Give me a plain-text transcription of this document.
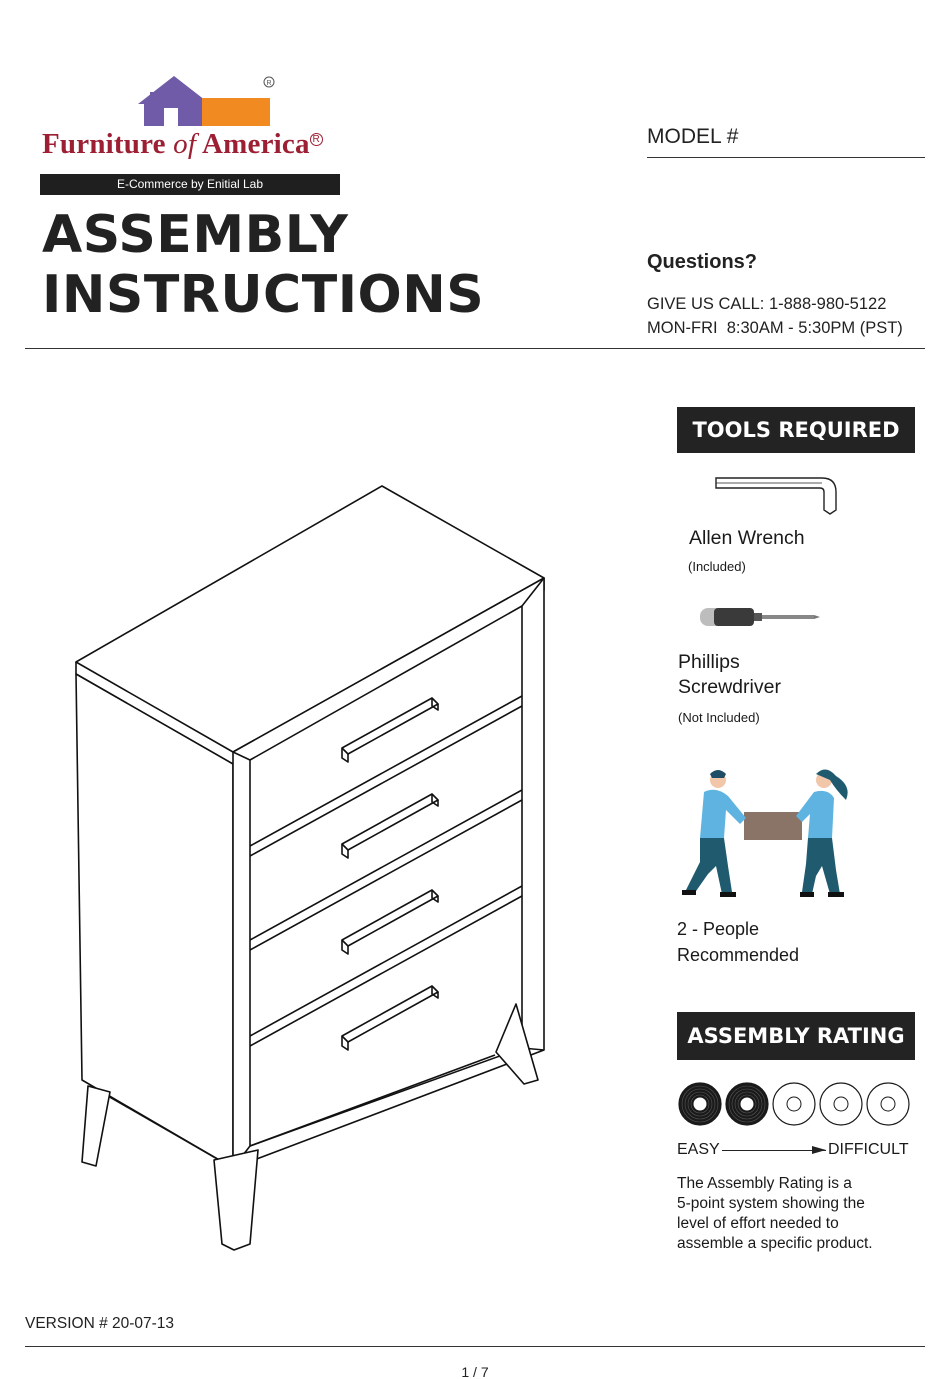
R
Furniture of America R
E-Commerce by Enitial Lab
ASSEMBLY
INSTRUCTIONS
MODEL #
Questions?
GIVE US CALL: 1-888-980-5122
MON-FRI  8:30AM - 5:30PM (PST)
TOOLS REQUIRED
Allen Wrench
(Included)
Phillips
Screwdriver
(Not Included)
2 - People
Recommended
ASSEMBLY RATING
EASY	DIFFICULT
The Assembly Rating is a
5-point system showing the
level of effort needed to
assemble a specific product.
VERSION # 20-07-13
1 / 7
